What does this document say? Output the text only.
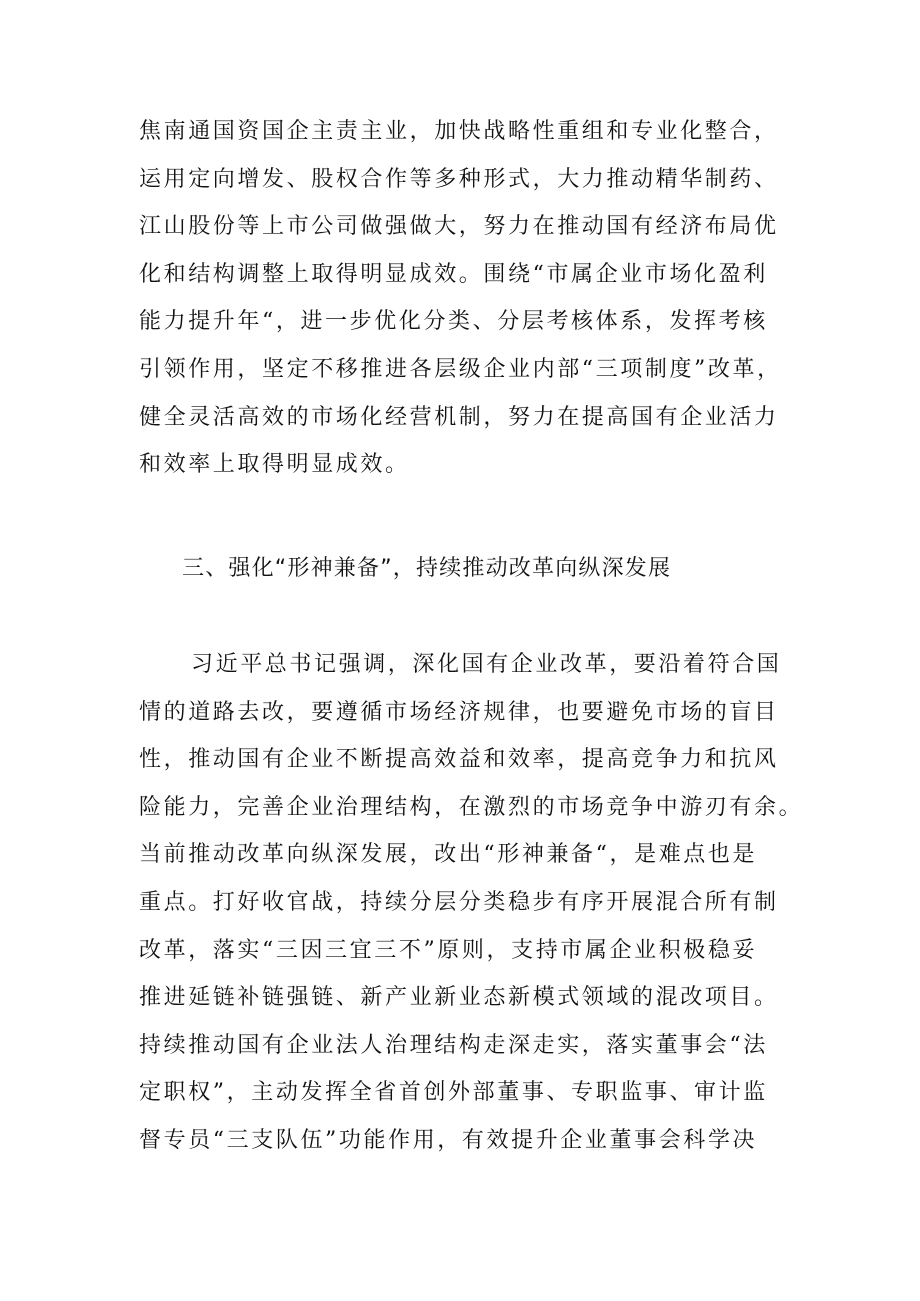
焦南通国资国企主责主业，加快战略性重组和专业化整合，
运用定向增发、股权合作等多种形式，大力推动精华制药、
江山股份等上市公司做强做大，努力在推动国有经济布局优
化和结构调整上取得明显成效。围绕“市属企业市场化盈利
能力提升年“，进一步优化分类、分层考核体系，发挥考核
引领作用，坚定不移推进各层级企业内部“三项制度”改革，
健全灵活高效的市场化经营机制，努力在提高国有企业活力
和效率上取得明显成效。
三、强化“形神兼备”，持续推动改革向纵深发展
习近平总书记强调，深化国有企业改革，要沿着符合国
情的道路去改，要遵循市场经济规律，也要避免市场的盲目
性，推动国有企业不断提高效益和效率，提高竞争力和抗风
险能力，完善企业治理结构，在激烈的市场竞争中游刃有余。
当前推动改革向纵深发展，改出“形神兼备“，是难点也是
重点。打好收官战，持续分层分类稳步有序开展混合所有制
改革，落实“三因三宜三不”原则，支持市属企业积极稳妥
推进延链补链强链、新产业新业态新模式领域的混改项目。
持续推动国有企业法人治理结构走深走实，落实董事会“法
定职权”，主动发挥全省首创外部董事、专职监事、审计监
督专员“三支队伍”功能作用，有效提升企业董事会科学决
